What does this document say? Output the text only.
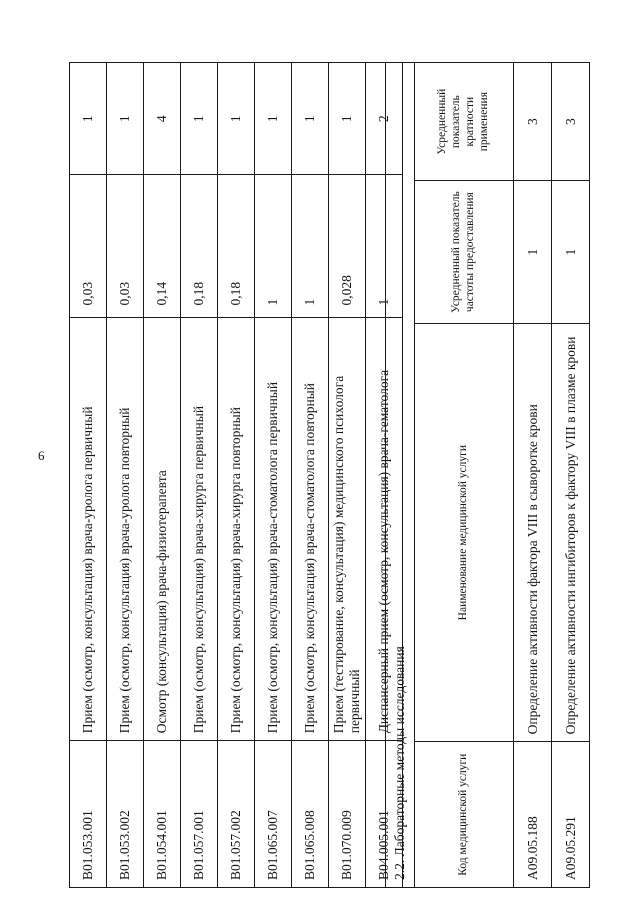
6
B01.053.001	Прием (осмотр, консультация) врача-уролога первичный	0,03	1
B01.053.002	Прием (осмотр, консультация) врача-уролога повторный	0,03	1
B01.054.001	Осмотр (консультация) врача-физиотерапевта	0,14	4
B01.057.001	Прием (осмотр, консультация) врача-хирурга первичный	0,18	1
B01.057.002	Прием (осмотр, консультация) врача-хирурга повторный	0,18	1
B01.065.007	Прием (осмотр, консультация) врача-стоматолога первичный	1	1
B01.065.008	Прием (осмотр, консультация) врача-стоматолога повторный	1	1
B01.070.009	Прием (тестирование, консультация) медицинского психолога первичный	0,028	1
B04.005.001	Диспансерный прием (осмотр, консультация) врача-гематолога	1	2
2.2. Лабораторные методы исследования	Код медицинской услуги	Наименование медицинской услуги	Усредненный показатель частоты предоставления	Усредненный показатель кратности применения
A09.05.188	Определение активности фактора VIII в сыворотке крови	1	3
A09.05.291	Определение активности ингибиторов к фактору VIII в плазме крови	1	3
